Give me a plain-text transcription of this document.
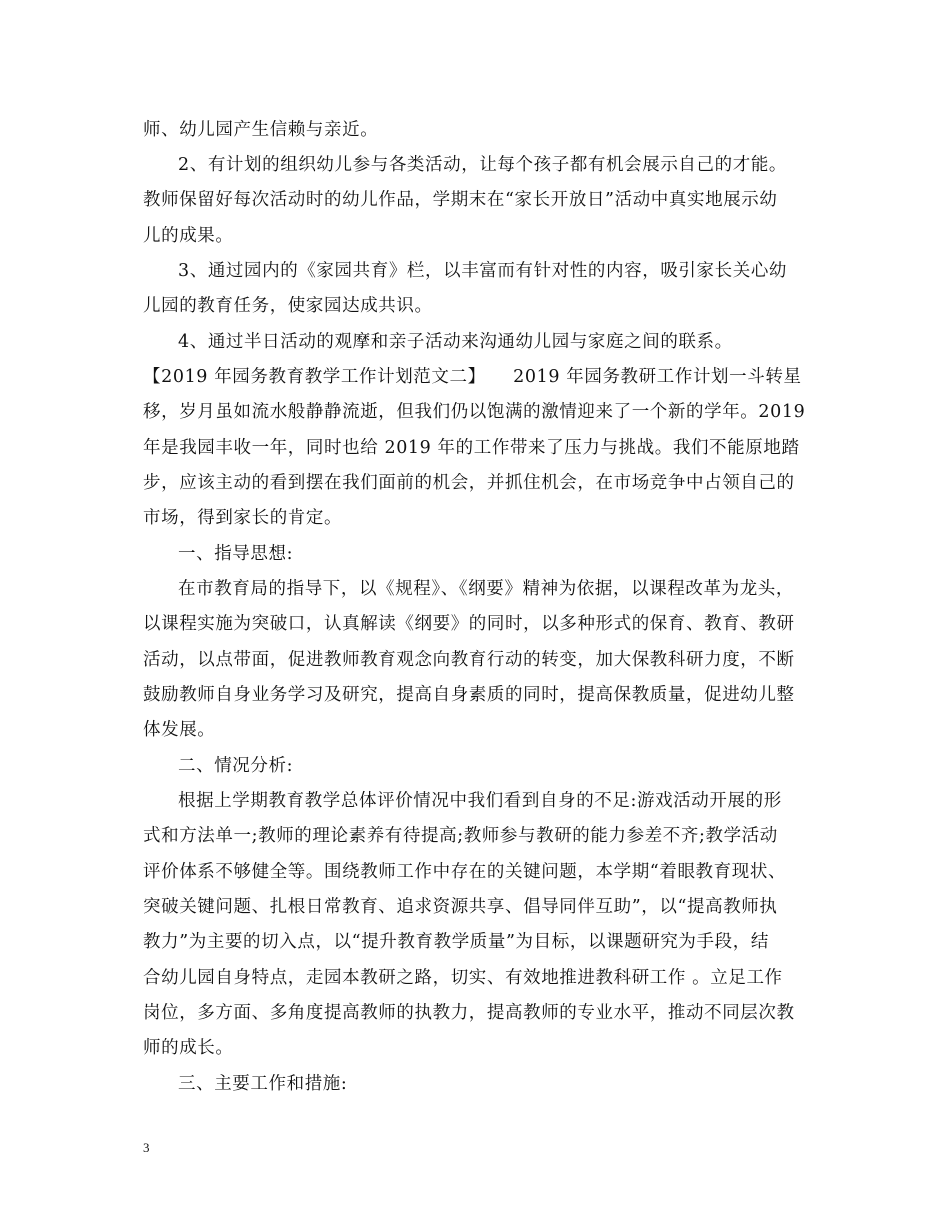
师、幼儿园产生信赖与亲近。
2、有计划的组织幼儿参与各类活动，让每个孩子都有机会展示自己的才能。
教师保留好每次活动时的幼儿作品，学期末在“家长开放日”活动中真实地展示幼
儿的成果。
3、通过园内的《家园共育》栏，以丰富而有针对性的内容，吸引家长关心幼
儿园的教育任务，使家园达成共识。
4、通过半日活动的观摩和亲子活动来沟通幼儿园与家庭之间的联系。
【2019 年园务教育教学工作计划范文二】　　2019 年园务教研工作计划一斗转星
移，岁月虽如流水般静静流逝，但我们仍以饱满的激情迎来了一个新的学年。2019
年是我园丰收一年，同时也给 2019 年的工作带来了压力与挑战。我们不能原地踏
步，应该主动的看到摆在我们面前的机会，并抓住机会，在市场竞争中占领自己的
市场，得到家长的肯定。
一、指导思想:
在市教育局的指导下，以《规程》、《纲要》精神为依据，以课程改革为龙头，
以课程实施为突破口，认真解读《纲要》的同时，以多种形式的保育、教育、教研
活动，以点带面，促进教师教育观念向教育行动的转变，加大保教科研力度，不断
鼓励教师自身业务学习及研究，提高自身素质的同时，提高保教质量，促进幼儿整
体发展。
二、情况分析:
根据上学期教育教学总体评价情况中我们看到自身的不足:游戏活动开展的形
式和方法单一;教师的理论素养有待提高;教师参与教研的能力参差不齐;教学活动
评价体系不够健全等。围绕教师工作中存在的关键问题，本学期“着眼教育现状、
突破关键问题、扎根日常教育、追求资源共享、倡导同伴互助”，以“提高教师执
教力”为主要的切入点，以“提升教育教学质量”为目标，以课题研究为手段，结
合幼儿园自身特点，走园本教研之路，切实、有效地推进教科研工作 。立足工作
岗位，多方面、多角度提高教师的执教力，提高教师的专业水平，推动不同层次教
师的成长。
三、主要工作和措施:
3
